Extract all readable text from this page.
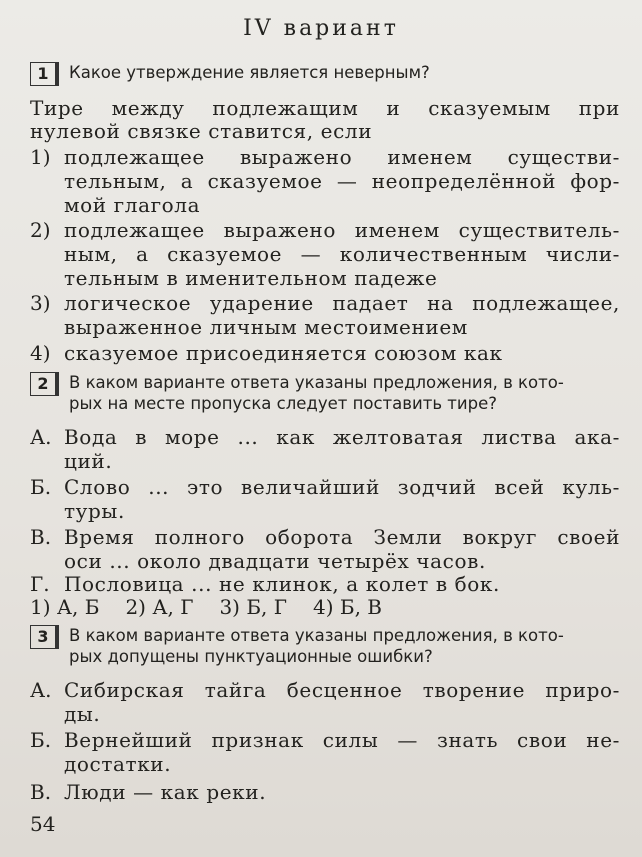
IV вариант
1	Какое утверждение является неверным?
Тире между подлежащим и сказуемым при
нулевой связке ставится, если
1) подлежащее выражено именем существи-
тельным, а сказуемое — неопределённой фор-
мой глагола
2) подлежащее выражено именем существитель-
ным, а сказуемое — количественным числи-
тельным в именительном падеже
3) логическое ударение падает на подлежащее,
выраженное личным местоимением
4) сказуемое присоединяется союзом как
2	В каком варианте ответа указаны предложения, в кото-
рых на месте пропуска следует поставить тире?
А. Вода в море ... как желтоватая листва ака-
ций.
Б. Слово ... это величайший зодчий всей куль-
туры.
В. Время полного оборота Земли вокруг своей
оси ... около двадцати четырёх часов.
Г. Пословица ... не клинок, а колет в бок.
1) А, Б 2) А, Г 3) Б, Г 4) Б, В
3	В каком варианте ответа указаны предложения, в кото-
рых допущены пунктуационные ошибки?
А. Сибирская тайга бесценное творение приро-
ды.
Б. Вернейший признак силы — знать свои не-
достатки.
В. Люди — как реки.
54
